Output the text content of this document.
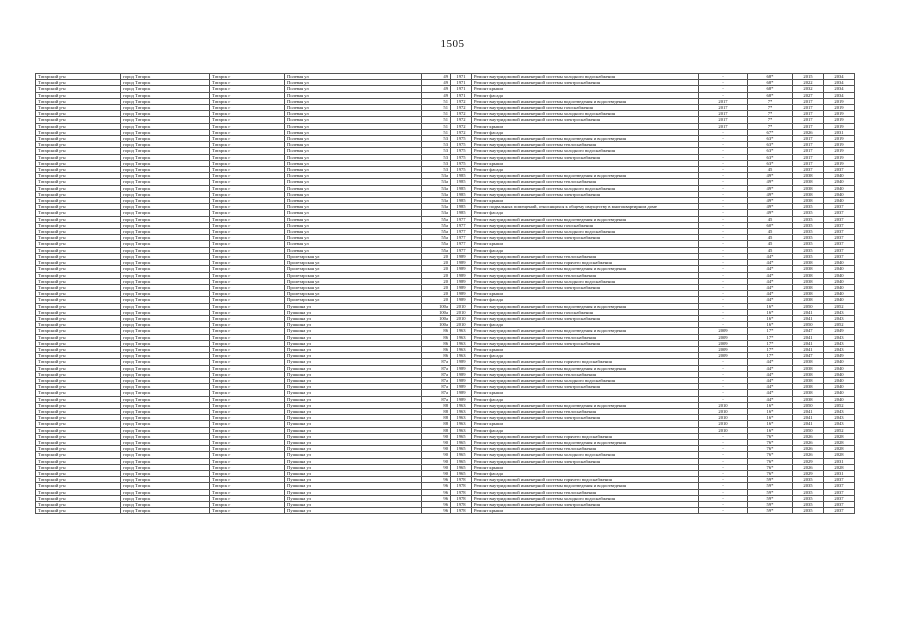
1505
Татарский р-н	город Татарск	Татарск г	Полевая ул	49	1971	Ремонт внутридомовой инженерной системы холодного водоснабжения	-	68*	2015	2034
Татарский р-н	город Татарск	Татарск г	Полевая ул	49	1971	Ремонт внутридомовой инженерной системы электроснабжения	-	68*	2022	2034
Татарский р-н	город Татарск	Татарск г	Полевая ул	49	1971	Ремонт крыши	-	68*	2032	2034
Татарский р-н	город Татарск	Татарск г	Полевая ул	49	1971	Ремонт фасада	-	68*	2027	2034
Татарский р-н	город Татарск	Татарск г	Полевая ул	51	1972	Ремонт внутридомовой инженерной системы водоотведения и водоотведения	2017	7*	2017	2019
Татарский р-н	город Татарск	Татарск г	Полевая ул	51	1972	Ремонт внутридомовой инженерной системы газоснабжения	2017	7*	2017	2019
Татарский р-н	город Татарск	Татарск г	Полевая ул	51	1972	Ремонт внутридомовой инженерной системы холодного водоснабжения	2017	7*	2017	2019
Татарский р-н	город Татарск	Татарск г	Полевая ул	51	1972	Ремонт внутридомовой инженерной системы электроснабжения	2017	7*	2017	2019
Татарский р-н	город Татарск	Татарск г	Полевая ул	51	1972	Ремонт крыши	2017	7*	2017	2019
Татарский р-н	город Татарск	Татарск г	Полевая ул	51	1972	Ремонт фасада	-	67*	2026	2031
Татарский р-н	город Татарск	Татарск г	Полевая ул	53	1975	Ремонт внутридомовой инженерной системы водоотведения и водоотведения	-	63*	2017	2019
Татарский р-н	город Татарск	Татарск г	Полевая ул	53	1975	Ремонт внутридомовой инженерной системы теплоснабжения	-	63*	2017	2019
Татарский р-н	город Татарск	Татарск г	Полевая ул	53	1975	Ремонт внутридомовой инженерной системы холодного водоснабжения	-	63*	2017	2019
Татарский р-н	город Татарск	Татарск г	Полевая ул	53	1975	Ремонт внутридомовой инженерной системы электроснабжения	-	63*	2017	2019
Татарский р-н	город Татарск	Татарск г	Полевая ул	53	1975	Ремонт крыши	-	63*	2017	2019
Татарский р-н	город Татарск	Татарск г	Полевая ул	53	1975	Ремонт фасада	-	45	2037	2037
Татарский р-н	город Татарск	Татарск г	Полевая ул	53а	1985	Ремонт внутридомовой инженерной системы водоотведения и водоотведения	-	49*	2038	2040
Татарский р-н	город Татарск	Татарск г	Полевая ул	53а	1985	Ремонт внутридомовой инженерной системы теплоснабжения	-	49*	2038	2040
Татарский р-н	город Татарск	Татарск г	Полевая ул	53а	1985	Ремонт внутридомовой инженерной системы холодного водоснабжения	-	49*	2038	2040
Татарский р-н	город Татарск	Татарск г	Полевая ул	53а	1985	Ремонт внутридомовой инженерной системы электроснабжения	-	49*	2038	2040
Татарский р-н	город Татарск	Татарск г	Полевая ул	53а	1985	Ремонт крыши	-	49*	2038	2040
Татарский р-н	город Татарск	Татарск г	Полевая ул	53а	1985	Ремонт подвальных помещений, относящихся к общему имуществу в многоквартирном доме	-	49*	2035	2037
Татарский р-н	город Татарск	Татарск г	Полевая ул	53а	1985	Ремонт фасада	-	49*	2035	2037
Татарский р-н	город Татарск	Татарск г	Полевая ул	55а	1977	Ремонт внутридомовой инженерной системы водоотведения и водоотведения	-	45	2035	2037
Татарский р-н	город Татарск	Татарск г	Полевая ул	55а	1977	Ремонт внутридомовой инженерной системы газоснабжения	-	60*	2035	2037
Татарский р-н	город Татарск	Татарск г	Полевая ул	55а	1977	Ремонт внутридомовой инженерной системы холодного водоснабжения	-	45	2035	2037
Татарский р-н	город Татарск	Татарск г	Полевая ул	55а	1977	Ремонт внутридомовой инженерной системы электроснабжения	-	45	2035	2037
Татарский р-н	город Татарск	Татарск г	Полевая ул	55а	1977	Ремонт крыши	-	45	2035	2037
Татарский р-н	город Татарск	Татарск г	Полевая ул	55а	1977	Ремонт фасада	-	45	2035	2037
Татарский р-н	город Татарск	Татарск г	Пролетарская ул	20	1989	Ремонт внутридомовой инженерной системы теплоснабжения	-	44*	2035	2037
Татарский р-н	город Татарск	Татарск г	Пролетарская ул	20	1989	Ремонт внутридомовой инженерной системы горячего водоснабжения	-	44*	2038	2040
Татарский р-н	город Татарск	Татарск г	Пролетарская ул	20	1989	Ремонт внутридомовой инженерной системы водоотведения и водоотведения	-	44*	2038	2040
Татарский р-н	город Татарск	Татарск г	Пролетарская ул	20	1989	Ремонт внутридомовой инженерной системы теплоснабжения	-	44*	2038	2040
Татарский р-н	город Татарск	Татарск г	Пролетарская ул	20	1989	Ремонт внутридомовой инженерной системы холодного водоснабжения	-	44*	2038	2040
Татарский р-н	город Татарск	Татарск г	Пролетарская ул	20	1989	Ремонт внутридомовой инженерной системы электроснабжения	-	44*	2038	2040
Татарский р-н	город Татарск	Татарск г	Пролетарская ул	20	1989	Ремонт крыши	-	44*	2038	2040
Татарский р-н	город Татарск	Татарск г	Пролетарская ул	20	1989	Ремонт фасада	-	44*	2038	2040
Татарский р-н	город Татарск	Татарск г	Пушкина ул	100а	2010	Ремонт внутридомовой инженерной системы водоотведения и водоотведения	-	16*	2050	2052
Татарский р-н	город Татарск	Татарск г	Пушкина ул	100а	2010	Ремонт внутридомовой инженерной системы газоснабжения	-	16*	2041	2043
Татарский р-н	город Татарск	Татарск г	Пушкина ул	100а	2010	Ремонт внутридомовой инженерной системы электроснабжения	-	16*	2041	2043
Татарский р-н	город Татарск	Татарск г	Пушкина ул	100а	2010	Ремонт фасада	-	16*	2050	2052
Татарский р-н	город Татарск	Татарск г	Пушкина ул	86	1963	Ремонт внутридомовой инженерной системы водоотведения и водоотведения	2009	17*	2047	2049
Татарский р-н	город Татарск	Татарск г	Пушкина ул	86	1963	Ремонт внутридомовой инженерной системы теплоснабжения	2009	17*	2041	2043
Татарский р-н	город Татарск	Татарск г	Пушкина ул	86	1963	Ремонт внутридомовой инженерной системы электроснабжения	2009	17*	2041	2043
Татарский р-н	город Татарск	Татарск г	Пушкина ул	86	1963	Ремонт крыши	2009	17*	2041	2043
Татарский р-н	город Татарск	Татарск г	Пушкина ул	86	1963	Ремонт фасада	2009	17*	2047	2049
Татарский р-н	город Татарск	Татарск г	Пушкина ул	87а	1989	Ремонт внутридомовой инженерной системы горячего водоснабжения	-	44*	2038	2040
Татарский р-н	город Татарск	Татарск г	Пушкина ул	87а	1989	Ремонт внутридомовой инженерной системы водоотведения и водоотведения	-	44*	2038	2040
Татарский р-н	город Татарск	Татарск г	Пушкина ул	87а	1989	Ремонт внутридомовой инженерной системы теплоснабжения	-	44*	2038	2040
Татарский р-н	город Татарск	Татарск г	Пушкина ул	87а	1989	Ремонт внутридомовой инженерной системы холодного водоснабжения	-	44*	2038	2040
Татарский р-н	город Татарск	Татарск г	Пушкина ул	87а	1989	Ремонт внутридомовой инженерной системы электроснабжения	-	44*	2038	2040
Татарский р-н	город Татарск	Татарск г	Пушкина ул	87а	1989	Ремонт крыши	-	44*	2038	2040
Татарский р-н	город Татарск	Татарск г	Пушкина ул	87а	1989	Ремонт фасада	-	44*	2038	2040
Татарский р-н	город Татарск	Татарск г	Пушкина ул	88	1963	Ремонт внутридомовой инженерной системы водоотведения и водоотведения	2010	16*	2050	2052
Татарский р-н	город Татарск	Татарск г	Пушкина ул	88	1963	Ремонт внутридомовой инженерной системы теплоснабжения	2010	16*	2041	2043
Татарский р-н	город Татарск	Татарск г	Пушкина ул	88	1963	Ремонт внутридомовой инженерной системы электроснабжения	2010	16*	2041	2043
Татарский р-н	город Татарск	Татарск г	Пушкина ул	88	1963	Ремонт крыши	2010	16*	2041	2043
Татарский р-н	город Татарск	Татарск г	Пушкина ул	88	1963	Ремонт фасада	2010	16*	2050	2052
Татарский р-н	город Татарск	Татарск г	Пушкина ул	90	1965	Ремонт внутридомовой инженерной системы горячего водоснабжения	-	76*	2026	2028
Татарский р-н	город Татарск	Татарск г	Пушкина ул	90	1965	Ремонт внутридомовой инженерной системы водоотведения и водоотведения	-	76*	2026	2028
Татарский р-н	город Татарск	Татарск г	Пушкина ул	90	1965	Ремонт внутридомовой инженерной системы теплоснабжения	-	76*	2026	2028
Татарский р-н	город Татарск	Татарск г	Пушкина ул	90	1965	Ремонт внутридомовой инженерной системы холодного водоснабжения	-	76*	2026	2028
Татарский р-н	город Татарск	Татарск г	Пушкина ул	90	1965	Ремонт внутридомовой инженерной системы электроснабжения	-	76*	2029	2031
Татарский р-н	город Татарск	Татарск г	Пушкина ул	90	1965	Ремонт крыши	-	76*	2026	2028
Татарский р-н	город Татарск	Татарск г	Пушкина ул	90	1965	Ремонт фасада	-	76*	2029	2031
Татарский р-н	город Татарск	Татарск г	Пушкина ул	96	1978	Ремонт внутридомовой инженерной системы горячего водоснабжения	-	59*	2035	2037
Татарский р-н	город Татарск	Татарск г	Пушкина ул	96	1978	Ремонт внутридомовой инженерной системы водоотведения и водоотведения	-	59*	2035	2037
Татарский р-н	город Татарск	Татарск г	Пушкина ул	96	1978	Ремонт внутридомовой инженерной системы теплоснабжения	-	59*	2035	2037
Татарский р-н	город Татарск	Татарск г	Пушкина ул	96	1978	Ремонт внутридомовой инженерной системы холодного водоснабжения	-	59*	2035	2037
Татарский р-н	город Татарск	Татарск г	Пушкина ул	96	1978	Ремонт внутридомовой инженерной системы электроснабжения	-	59*	2035	2037
Татарский р-н	город Татарск	Татарск г	Пушкина ул	96	1978	Ремонт крыши	-	59*	2035	2037
